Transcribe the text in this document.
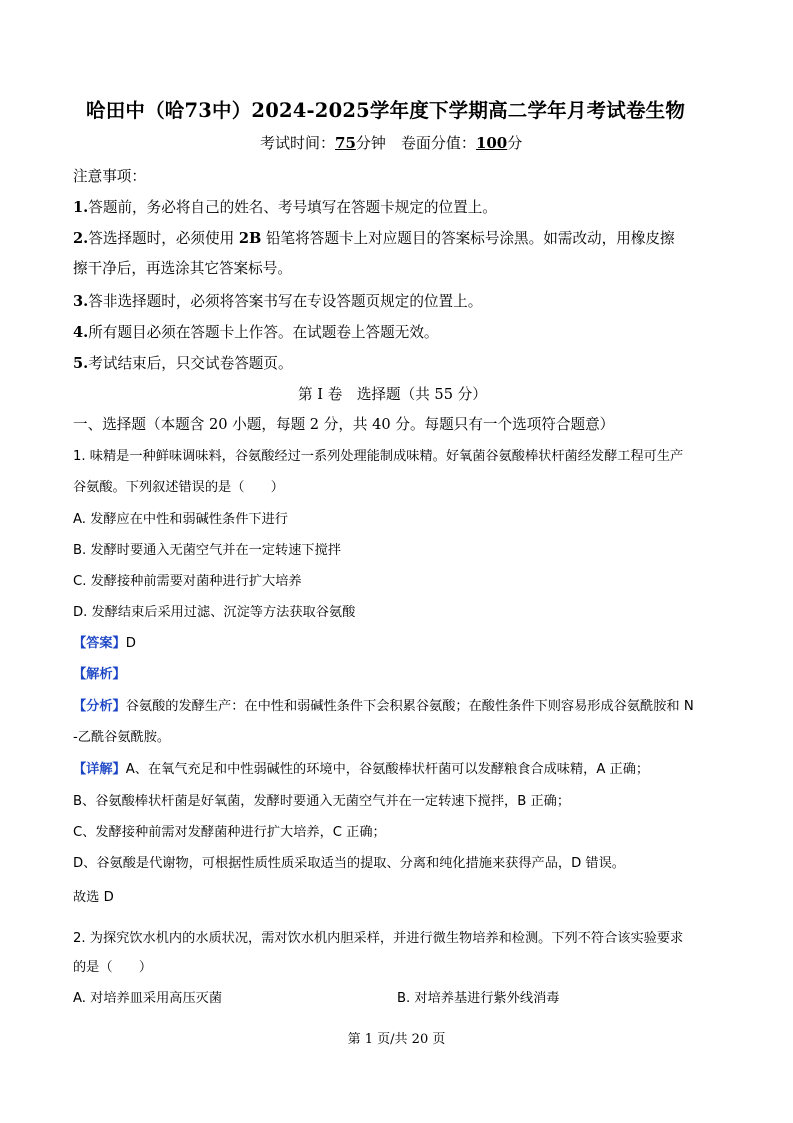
哈田中（哈73中）2024-2025学年度下学期高二学年月考试卷生物
考试时间：75分钟　 卷面分值：100分
注意事项：
1.答题前，务必将自己的姓名、考号填写在答题卡规定的位置上。
2.答选择题时，必须使用 2B 铅笔将答题卡上对应题目的答案标号涂黑。如需改动，用橡皮擦
擦干净后，再选涂其它答案标号。
3.答非选择题时，必须将答案书写在专设答题页规定的位置上。
4.所有题目必须在答题卡上作答。在试题卷上答题无效。
5.考试结束后，只交试卷答题页。
第 I 卷　选择题（共 55 分）
一、选择题（本题含 20 小题，每题 2 分，共 40 分。每题只有一个选项符合题意）
1. 味精是一种鲜味调味料，谷氨酸经过一系列处理能制成味精。好氧菌谷氨酸棒状杆菌经发酵工程可生产
谷氨酸。下列叙述错误的是（　　）
A. 发酵应在中性和弱碱性条件下进行
B. 发酵时要通入无菌空气并在一定转速下搅拌
C. 发酵接种前需要对菌种进行扩大培养
D. 发酵结束后采用过滤、沉淀等方法获取谷氨酸
【答案】D
【解析】
【分析】谷氨酸的发酵生产：在中性和弱碱性条件下会积累谷氨酸；在酸性条件下则容易形成谷氨酰胺和 N
-乙酰谷氨酰胺。
【详解】A、在氧气充足和中性弱碱性的环境中，谷氨酸棒状杆菌可以发酵粮食合成味精，A 正确；
B、谷氨酸棒状杆菌是好氧菌，发酵时要通入无菌空气并在一定转速下搅拌，B 正确；
C、发酵接种前需对发酵菌种进行扩大培养，C 正确；
D、谷氨酸是代谢物，可根据性质性质采取适当的提取、分离和纯化措施来获得产品，D 错误。
故选 D
2. 为探究饮水机内的水质状况，需对饮水机内胆采样，并进行微生物培养和检测。下列不符合该实验要求
的是（　　）
A. 对培养皿采用高压灭菌	B. 对培养基进行紫外线消毒
第 1 页/共 20 页
